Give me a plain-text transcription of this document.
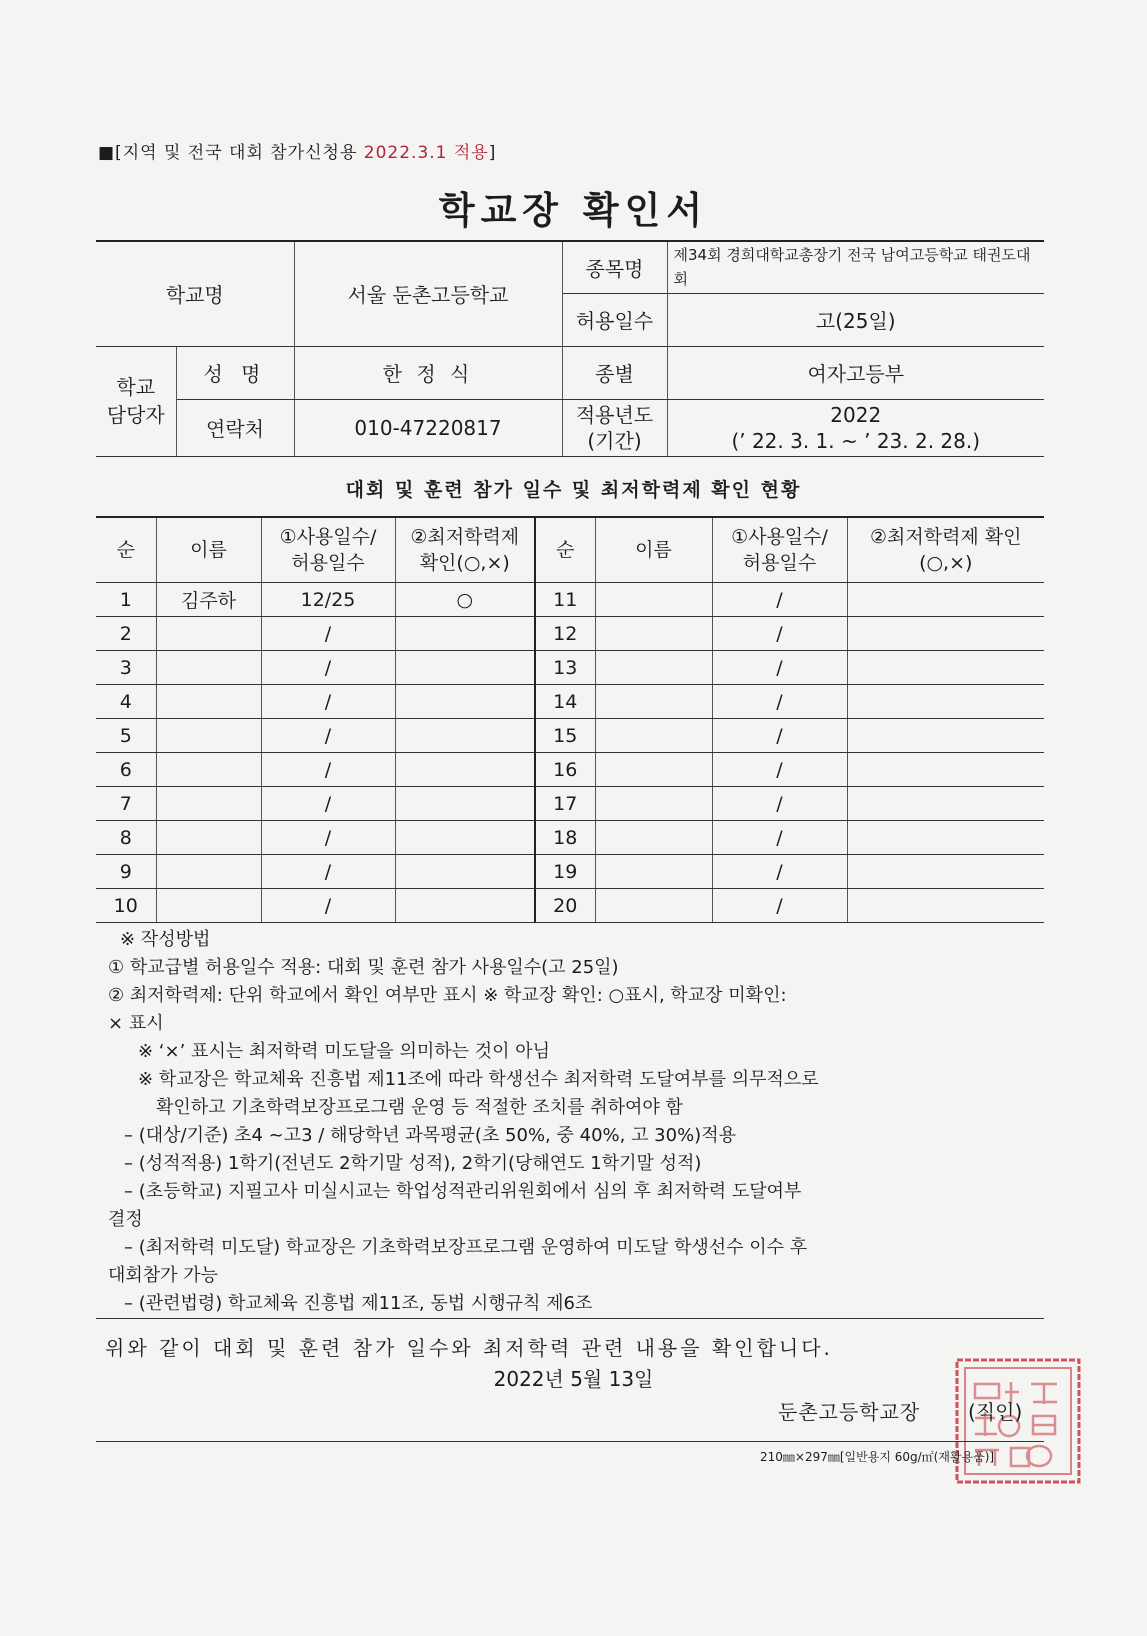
■[지역 및 전국 대회 참가신청용 2022.3.1 적용]
학교장 확인서
학교명		서울 둔촌고등학교	종목명	제34회 경희대학교총장기 전국 남여고등학교 태권도대회
			허용일수	고(25일)
학교 담당자	성 명	한 정 식	종별	여자고등부
	연락처	010-47220817	적용년도 (기간)	2022
(’ 22. 3. 1. ~ ’ 23. 2. 28.)
대회 및 훈련 참가 일수 및 최저학력제 확인 현황
순	이름	①사용일수/ 허용일수	②최저학력제 확인(○,×)	순	이름	①사용일수/ 허용일수	②최저학력제 확인(○,×)
1	김주하	12/25	○	11		/	
2		/		12		/	
3		/		13		/	
4		/		14		/	
5		/		15		/	
6		/		16		/	
7		/		17		/	
8		/		18		/	
9		/		19		/	
10		/		20		/	
※ 작성방법
① 학교급별 허용일수 적용: 대회 및 훈련 참가 사용일수(고 25일)
② 최저학력제: 단위 학교에서 확인 여부만 표시 ※ 학교장 확인: ○표시, 학교장 미확인:
× 표시
※ ‘×’ 표시는 최저학력 미도달을 의미하는 것이 아님
※ 학교장은 학교체육 진흥법 제11조에 따라 학생선수 최저학력 도달여부를 의무적으로
확인하고 기초학력보장프로그램 운영 등 적절한 조치를 취하여야 함
– (대상/기준) 초4 ~고3 / 해당학년 과목평균(초 50%, 중 40%, 고 30%)적용
– (성적적용) 1학기(전년도 2학기말 성적), 2학기(당해연도 1학기말 성적)
– (초등학교) 지필고사 미실시교는 학업성적관리위원회에서 심의 후 최저학력 도달여부
결정
– (최저학력 미도달) 학교장은 기초학력보장프로그램 운영하여 미도달 학생선수 이수 후
대회참가 가능
– (관련법령) 학교체육 진흥법 제11조, 동법 시행규칙 제6조
위와 같이 대회 및 훈련 참가 일수와 최저학력 관련 내용을 확인합니다.
2022년 5월 13일
둔촌고등학교장 (직인)
210㎜×297㎜[일반용지 60g/㎡(재활용품)]
